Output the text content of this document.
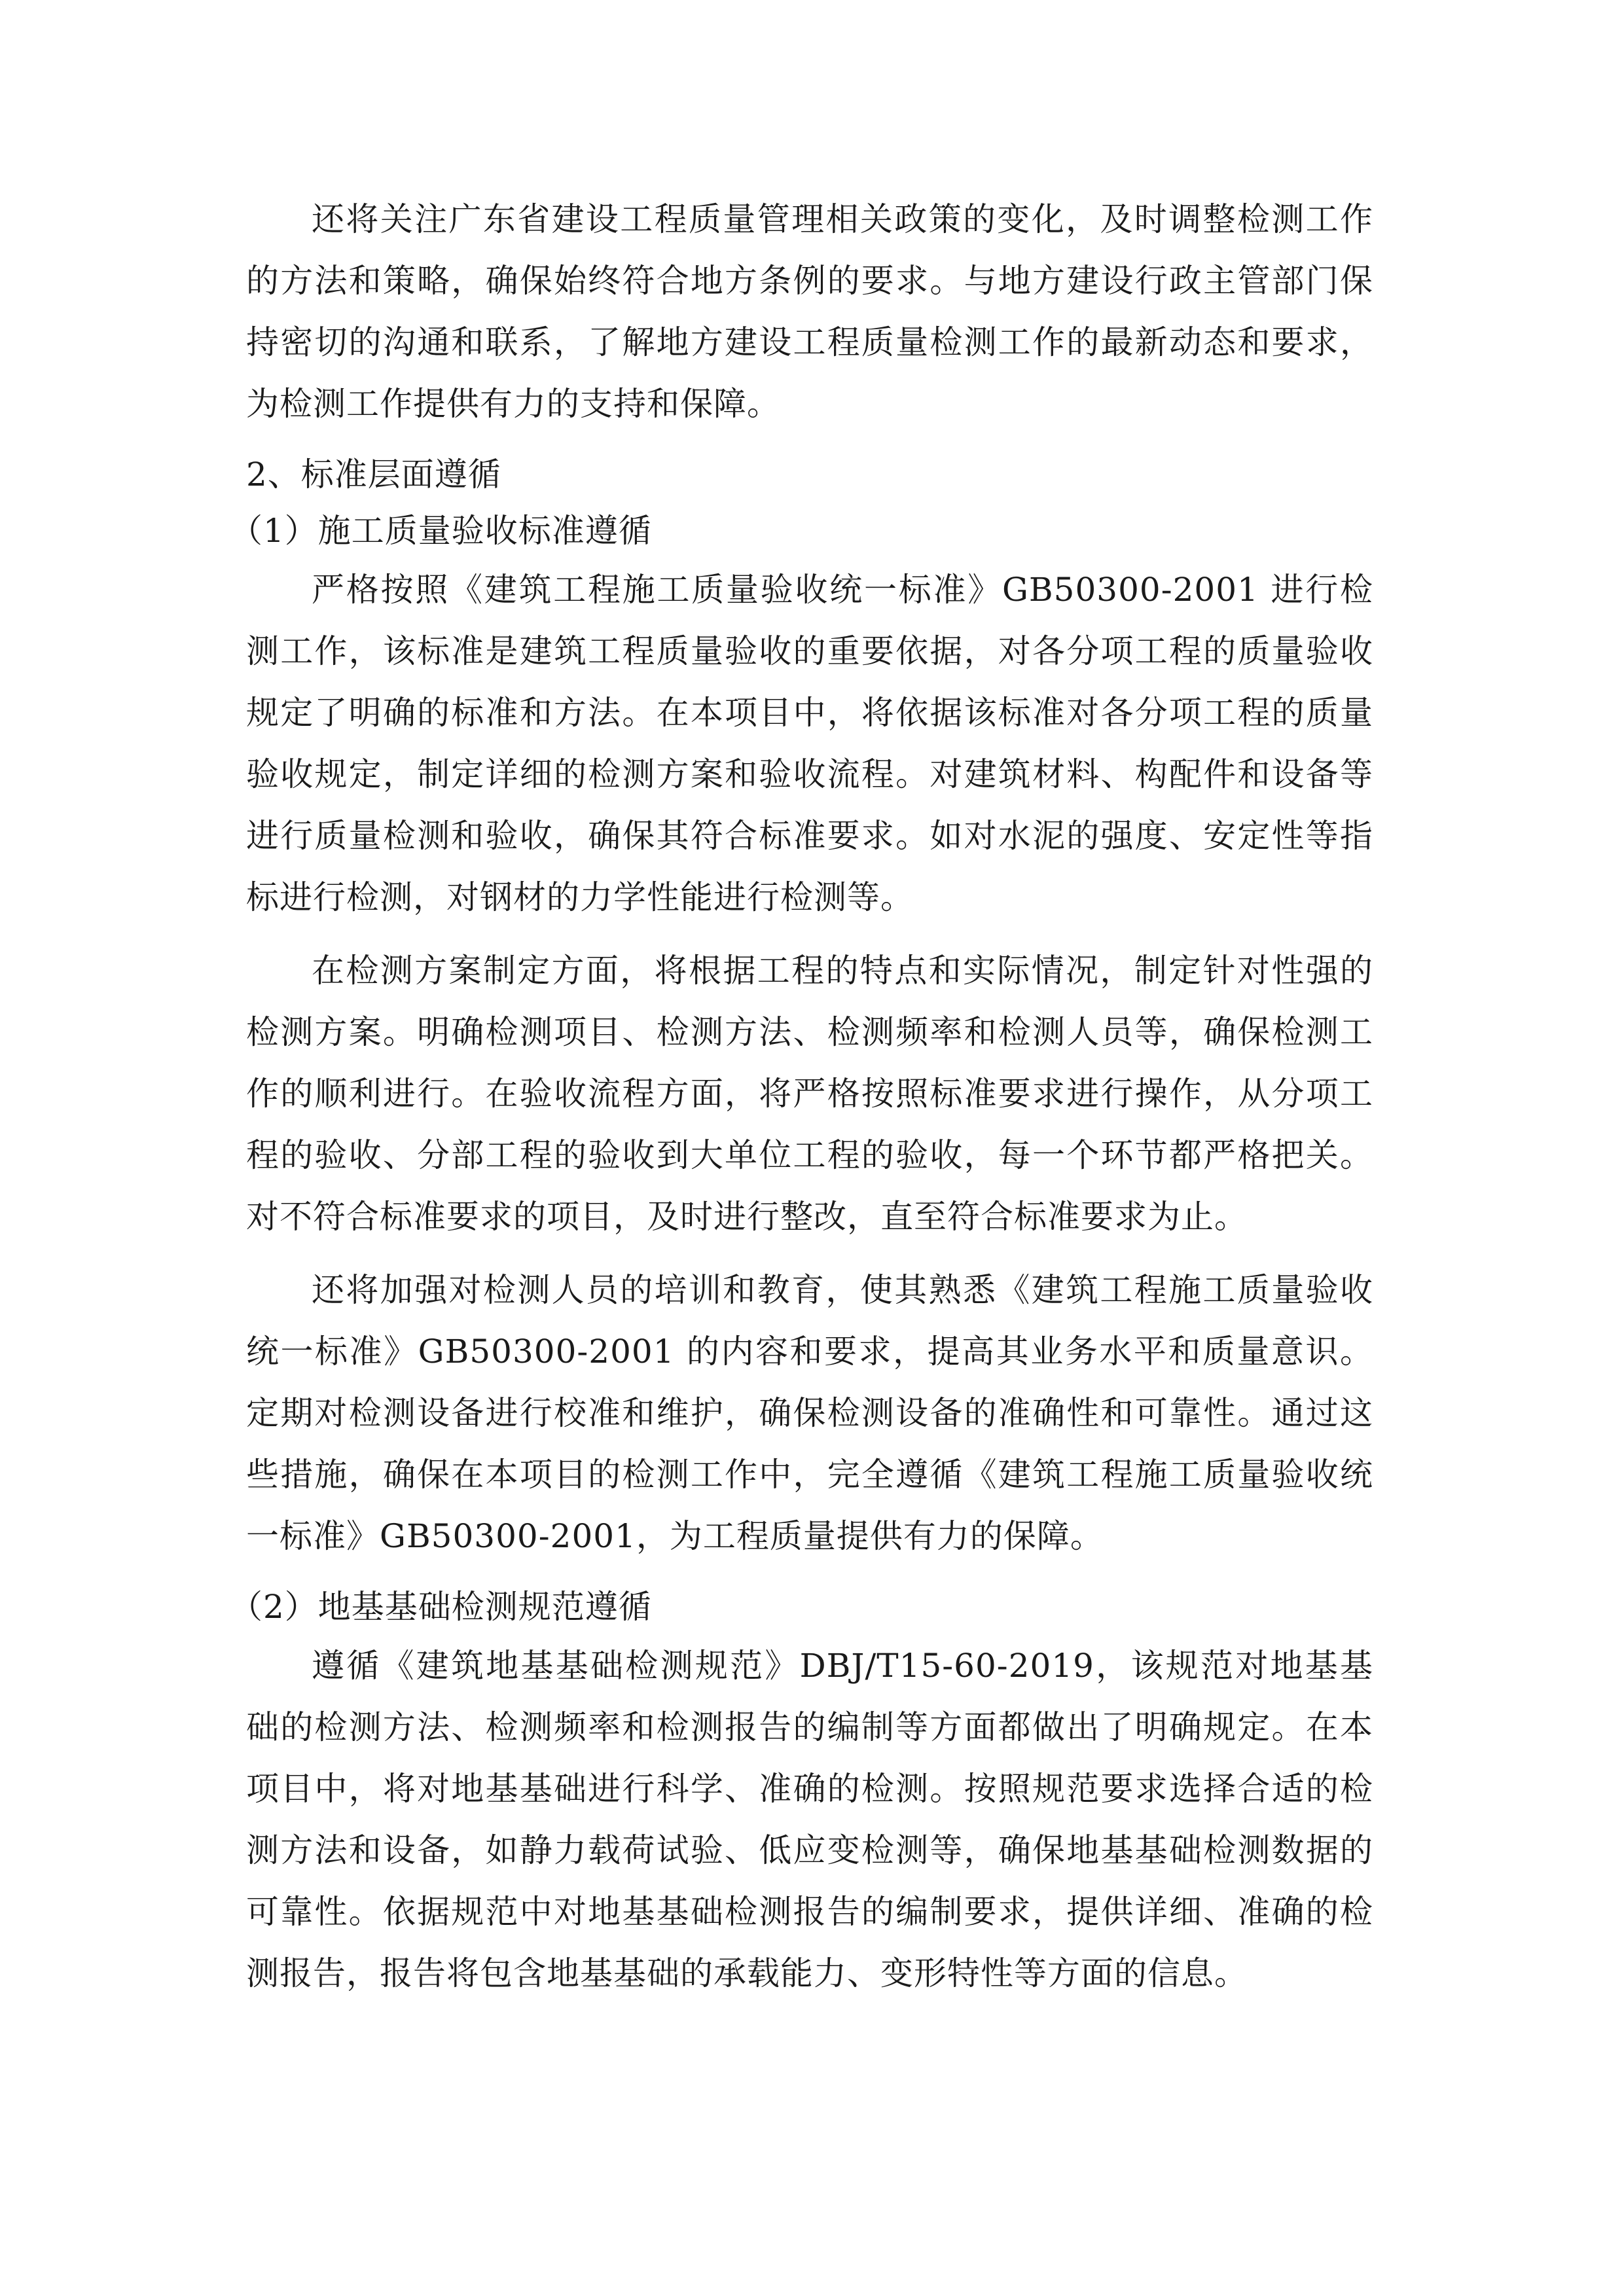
还将关注广东省建设工程质量管理相关政策的变化，及时调整检测工作的方法和策略，确保始终符合地方条例的要求。与地方建设行政主管部门保持密切的沟通和联系，了解地方建设工程质量检测工作的最新动态和要求，为检测工作提供有力的支持和保障。

2、标准层面遵循

（1）施工质量验收标准遵循

严格按照《建筑工程施工质量验收统一标准》GB50300-2001 进行检测工作，该标准是建筑工程质量验收的重要依据，对各分项工程的质量验收规定了明确的标准和方法。在本项目中，将依据该标准对各分项工程的质量验收规定，制定详细的检测方案和验收流程。对建筑材料、构配件和设备等进行质量检测和验收，确保其符合标准要求。如对水泥的强度、安定性等指标进行检测，对钢材的力学性能进行检测等。

在检测方案制定方面，将根据工程的特点和实际情况，制定针对性强的检测方案。明确检测项目、检测方法、检测频率和检测人员等，确保检测工作的顺利进行。在验收流程方面，将严格按照标准要求进行操作，从分项工程的验收、分部工程的验收到大单位工程的验收，每一个环节都严格把关。对不符合标准要求的项目，及时进行整改，直至符合标准要求为止。

还将加强对检测人员的培训和教育，使其熟悉《建筑工程施工质量验收统一标准》GB50300-2001 的内容和要求，提高其业务水平和质量意识。定期对检测设备进行校准和维护，确保检测设备的准确性和可靠性。通过这些措施，确保在本项目的检测工作中，完全遵循《建筑工程施工质量验收统一标准》GB50300-2001，为工程质量提供有力的保障。

（2）地基基础检测规范遵循

遵循《建筑地基基础检测规范》DBJ/T15-60-2019，该规范对地基基础的检测方法、检测频率和检测报告的编制等方面都做出了明确规定。在本项目中，将对地基基础进行科学、准确的检测。按照规范要求选择合适的检测方法和设备，如静力载荷试验、低应变检测等，确保地基基础检测数据的可靠性。依据规范中对地基基础检测报告的编制要求，提供详细、准确的检测报告，报告将包含地基基础的承载能力、变形特性等方面的信息。
